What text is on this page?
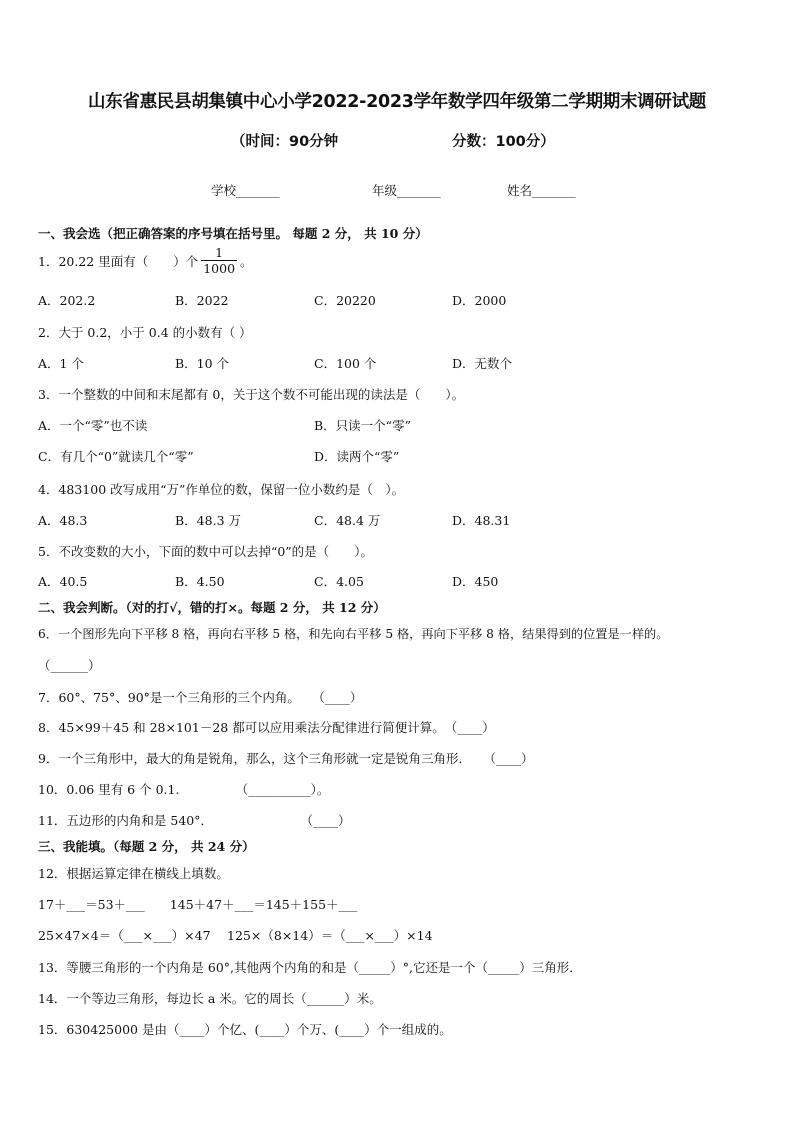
山东省惠民县胡集镇中心小学2022-2023学年数学四年级第二学期期末调研试题
（时间：90分钟	分数：100分）
学校_______	年级_______	姓名_______
一、我会选（把正确答案的序号填在括号里。 每题 2 分， 共 10 分）
1．20.22 里面有（　　）个 $\frac{1}{1000}$ 。
A．202.2	B．2022	C．20220	D．2000
2．大于 0.2，小于 0.4 的小数有（ ）
A．1 个	B．10 个	C．100 个	D．无数个
3．一个整数的中间和末尾都有 0，关于这个数不可能出现的读法是（　　）。
A．一个“零”也不读	B．只读一个“零”
C．有几个“0”就读几个“零”	D．读两个“零”
4．483100 改写成用“万”作单位的数，保留一位小数约是（　）。
A．48.3	B．48.3 万	C．48.4 万	D．48.31
5．不改变数的大小，下面的数中可以去掉“0”的是（　　）。
A．40.5	B．4.50	C．4.05	D．450
二、我会判断。（对的打√，错的打×。每题 2 分， 共 12 分）
6．一个图形先向下平移 8 格，再向右平移 5 格，和先向右平移 5 格，再向下平移 8 格，结果得到的位置是一样的。
（______）
7．60°、75°、90°是一个三角形的三个内角。　　（____）
8．45×99＋45 和 28×101－28 都可以应用乘法分配律进行简便计算。　（____）
9．一个三角形中，最大的角是锐角，那么，这个三角形就一定是锐角三角形．　　（____）
10．0.06 里有 6 个 0.1.　　　　　（__________）。
11．五边形的内角和是 540°．　　　　　　　　（____）
三、我能填。（每题 2 分， 共 24 分）
12．根据运算定律在横线上填数。
17＋___＝53＋___　　145＋47＋___＝145＋155＋___
25×47×4＝（___×___）×47　 125×（8×14）＝（___×___）×14
13．等腰三角形的一个内角是 60°,其他两个内角的和是（_____）°,它还是一个（_____）三角形．
14．一个等边三角形，每边长 a 米。它的周长（______）米。
15．630425000 是由（____）个亿、(____）个万、(____）个一组成的。
